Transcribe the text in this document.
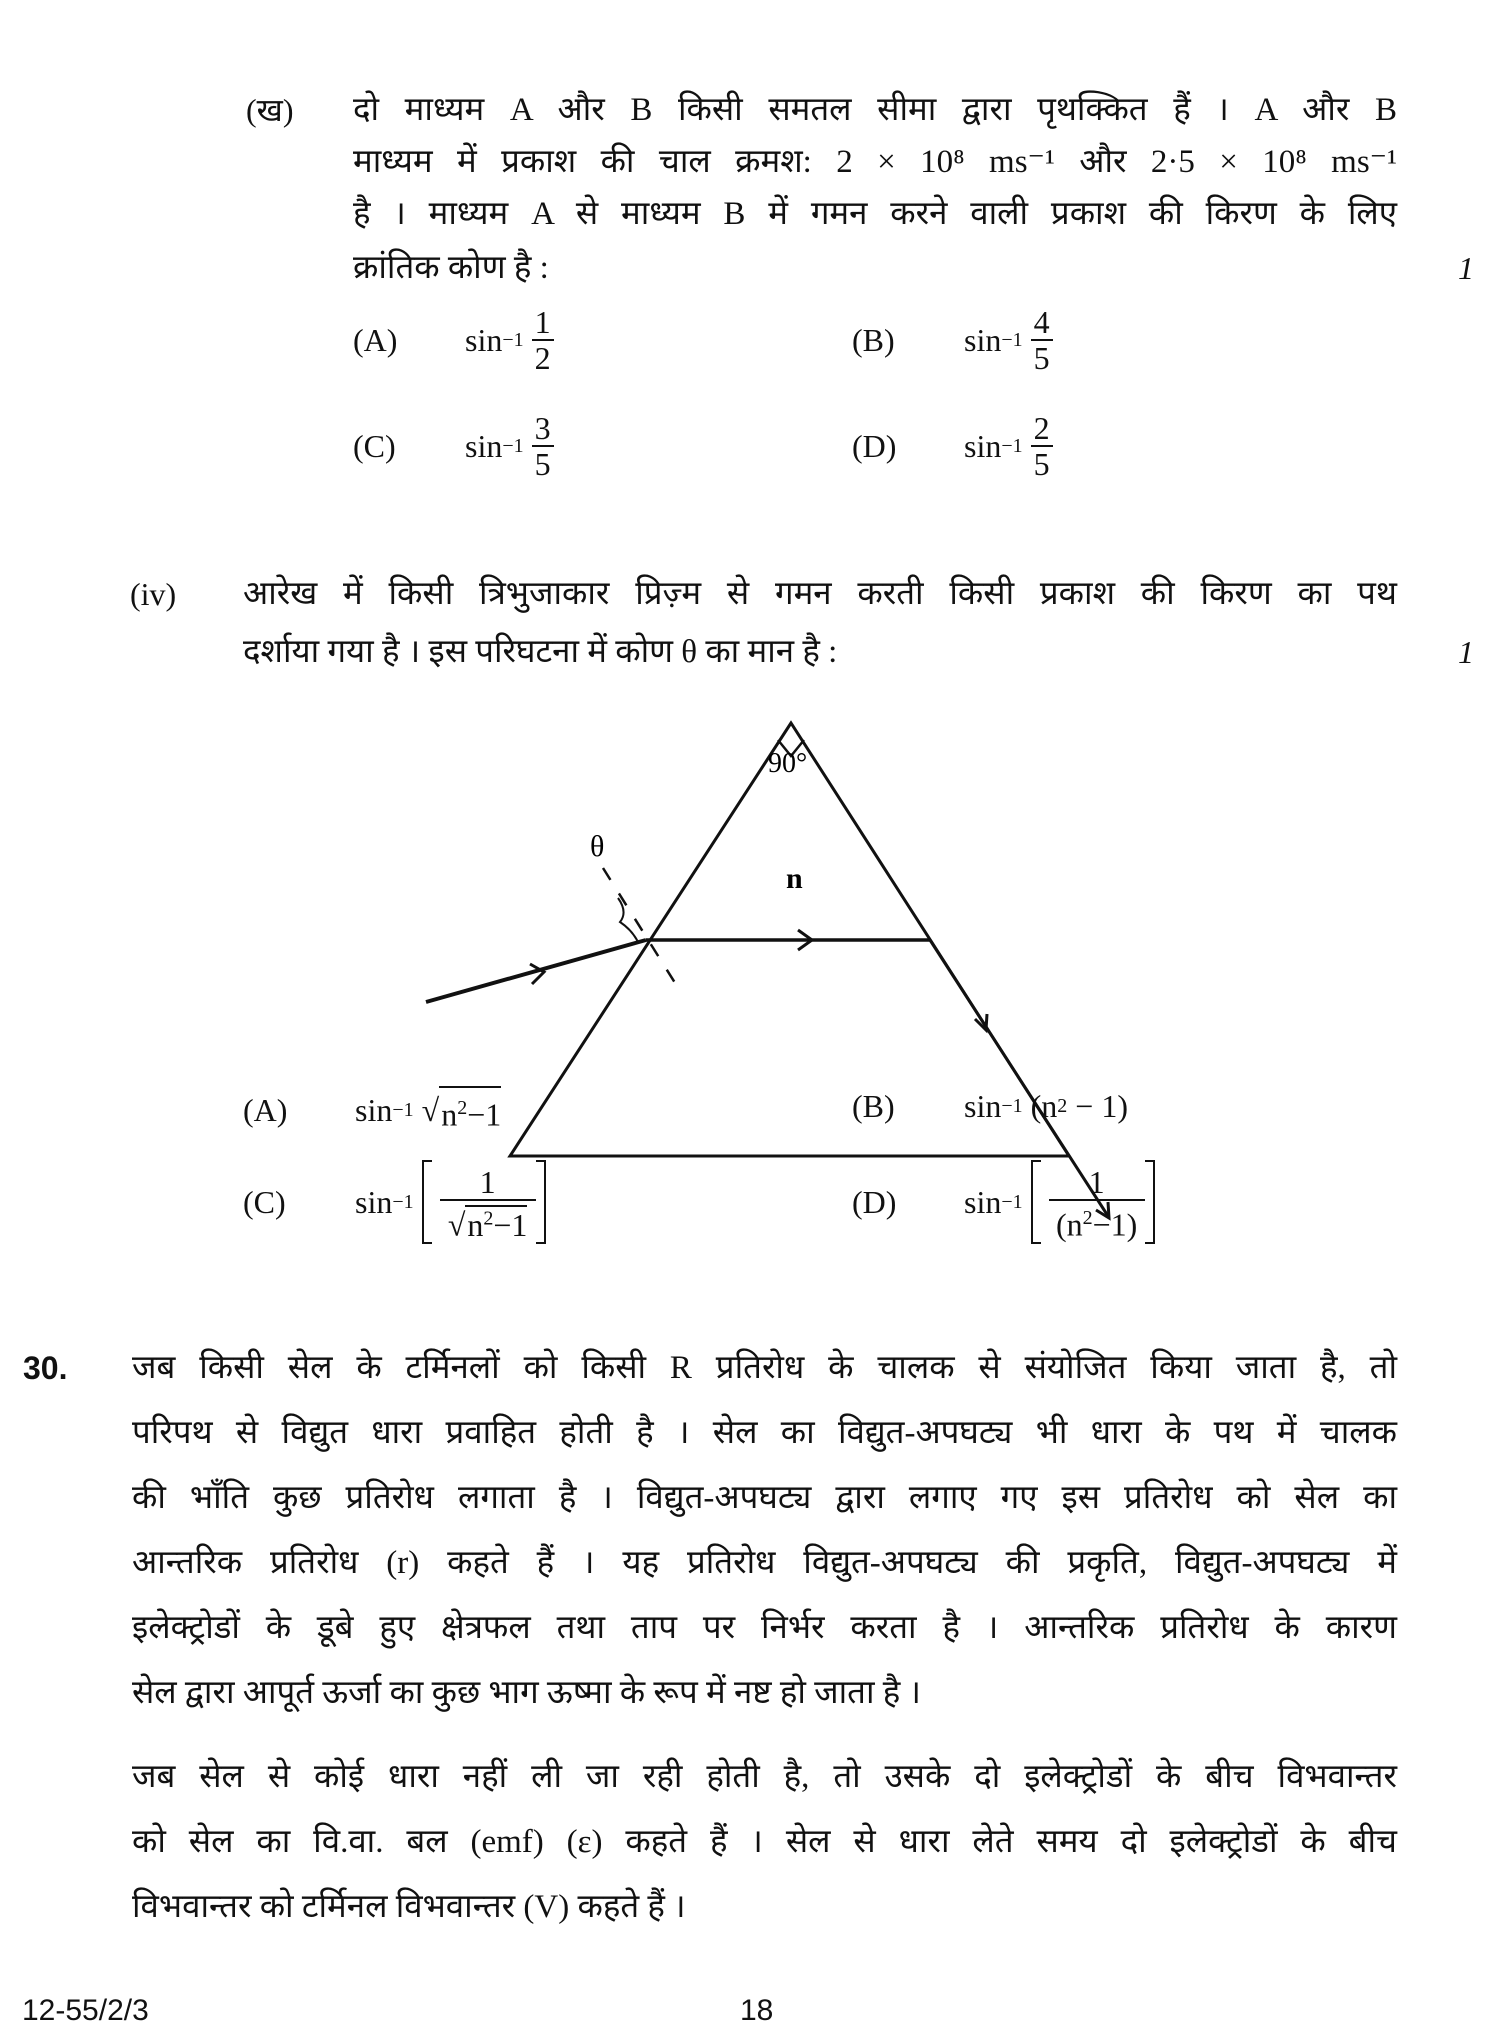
(ख) दो माध्यम A और B किसी समतल सीमा द्वारा पृथक्कित हैं । A और B
माध्यम में प्रकाश की चाल क्रमश: 2 × 10⁸ ms⁻¹ और 2·5 × 10⁸ ms⁻¹
है । माध्यम A से माध्यम B में गमन करने वाली प्रकाश की किरण के लिए
क्रांतिक कोण है :	1
(A)	$\sin -1 \frac{1}{2}$	(B)	$\sin -1 \frac{4}{5}$
(C)	$\sin -1 \frac{3}{5}$	(D)	$\sin -1 \frac{2}{5}$
(iv) आरेख में किसी त्रिभुजाकार प्रिज़्म से गमन करती किसी प्रकाश की किरण का पथ
दर्शाया गया है । इस परिघटना में कोण θ का मान है :	1
90°
θ
n
(A)	sin −1 √ $n^2-1$	(B)	sin −1 (n 2 − 1)
(C)	$\sin -1 \frac{1}{√n^2-1}$	(D)	$\sin -1 \frac{1}{(n^2-1)}$
30. जब किसी सेल के टर्मिनलों को किसी R प्रतिरोध के चालक से संयोजित किया जाता है, तो
परिपथ से विद्युत धारा प्रवाहित होती है । सेल का विद्युत-अपघट्य भी धारा के पथ में चालक
की भाँति कुछ प्रतिरोध लगाता है । विद्युत-अपघट्य द्वारा लगाए गए इस प्रतिरोध को सेल का
आन्तरिक प्रतिरोध (r) कहते हैं । यह प्रतिरोध विद्युत-अपघट्य की प्रकृति, विद्युत-अपघट्य में
इलेक्ट्रोडों के डूबे हुए क्षेत्रफल तथा ताप पर निर्भर करता है । आन्तरिक प्रतिरोध के कारण
सेल द्वारा आपूर्त ऊर्जा का कुछ भाग ऊष्मा के रूप में नष्ट हो जाता है ।
जब सेल से कोई धारा नहीं ली जा रही होती है, तो उसके दो इलेक्ट्रोडों के बीच विभवान्तर
को सेल का वि.वा. बल (emf) (ε) कहते हैं । सेल से धारा लेते समय दो इलेक्ट्रोडों के बीच
विभवान्तर को टर्मिनल विभवान्तर (V) कहते हैं ।
12-55/2/3	18
